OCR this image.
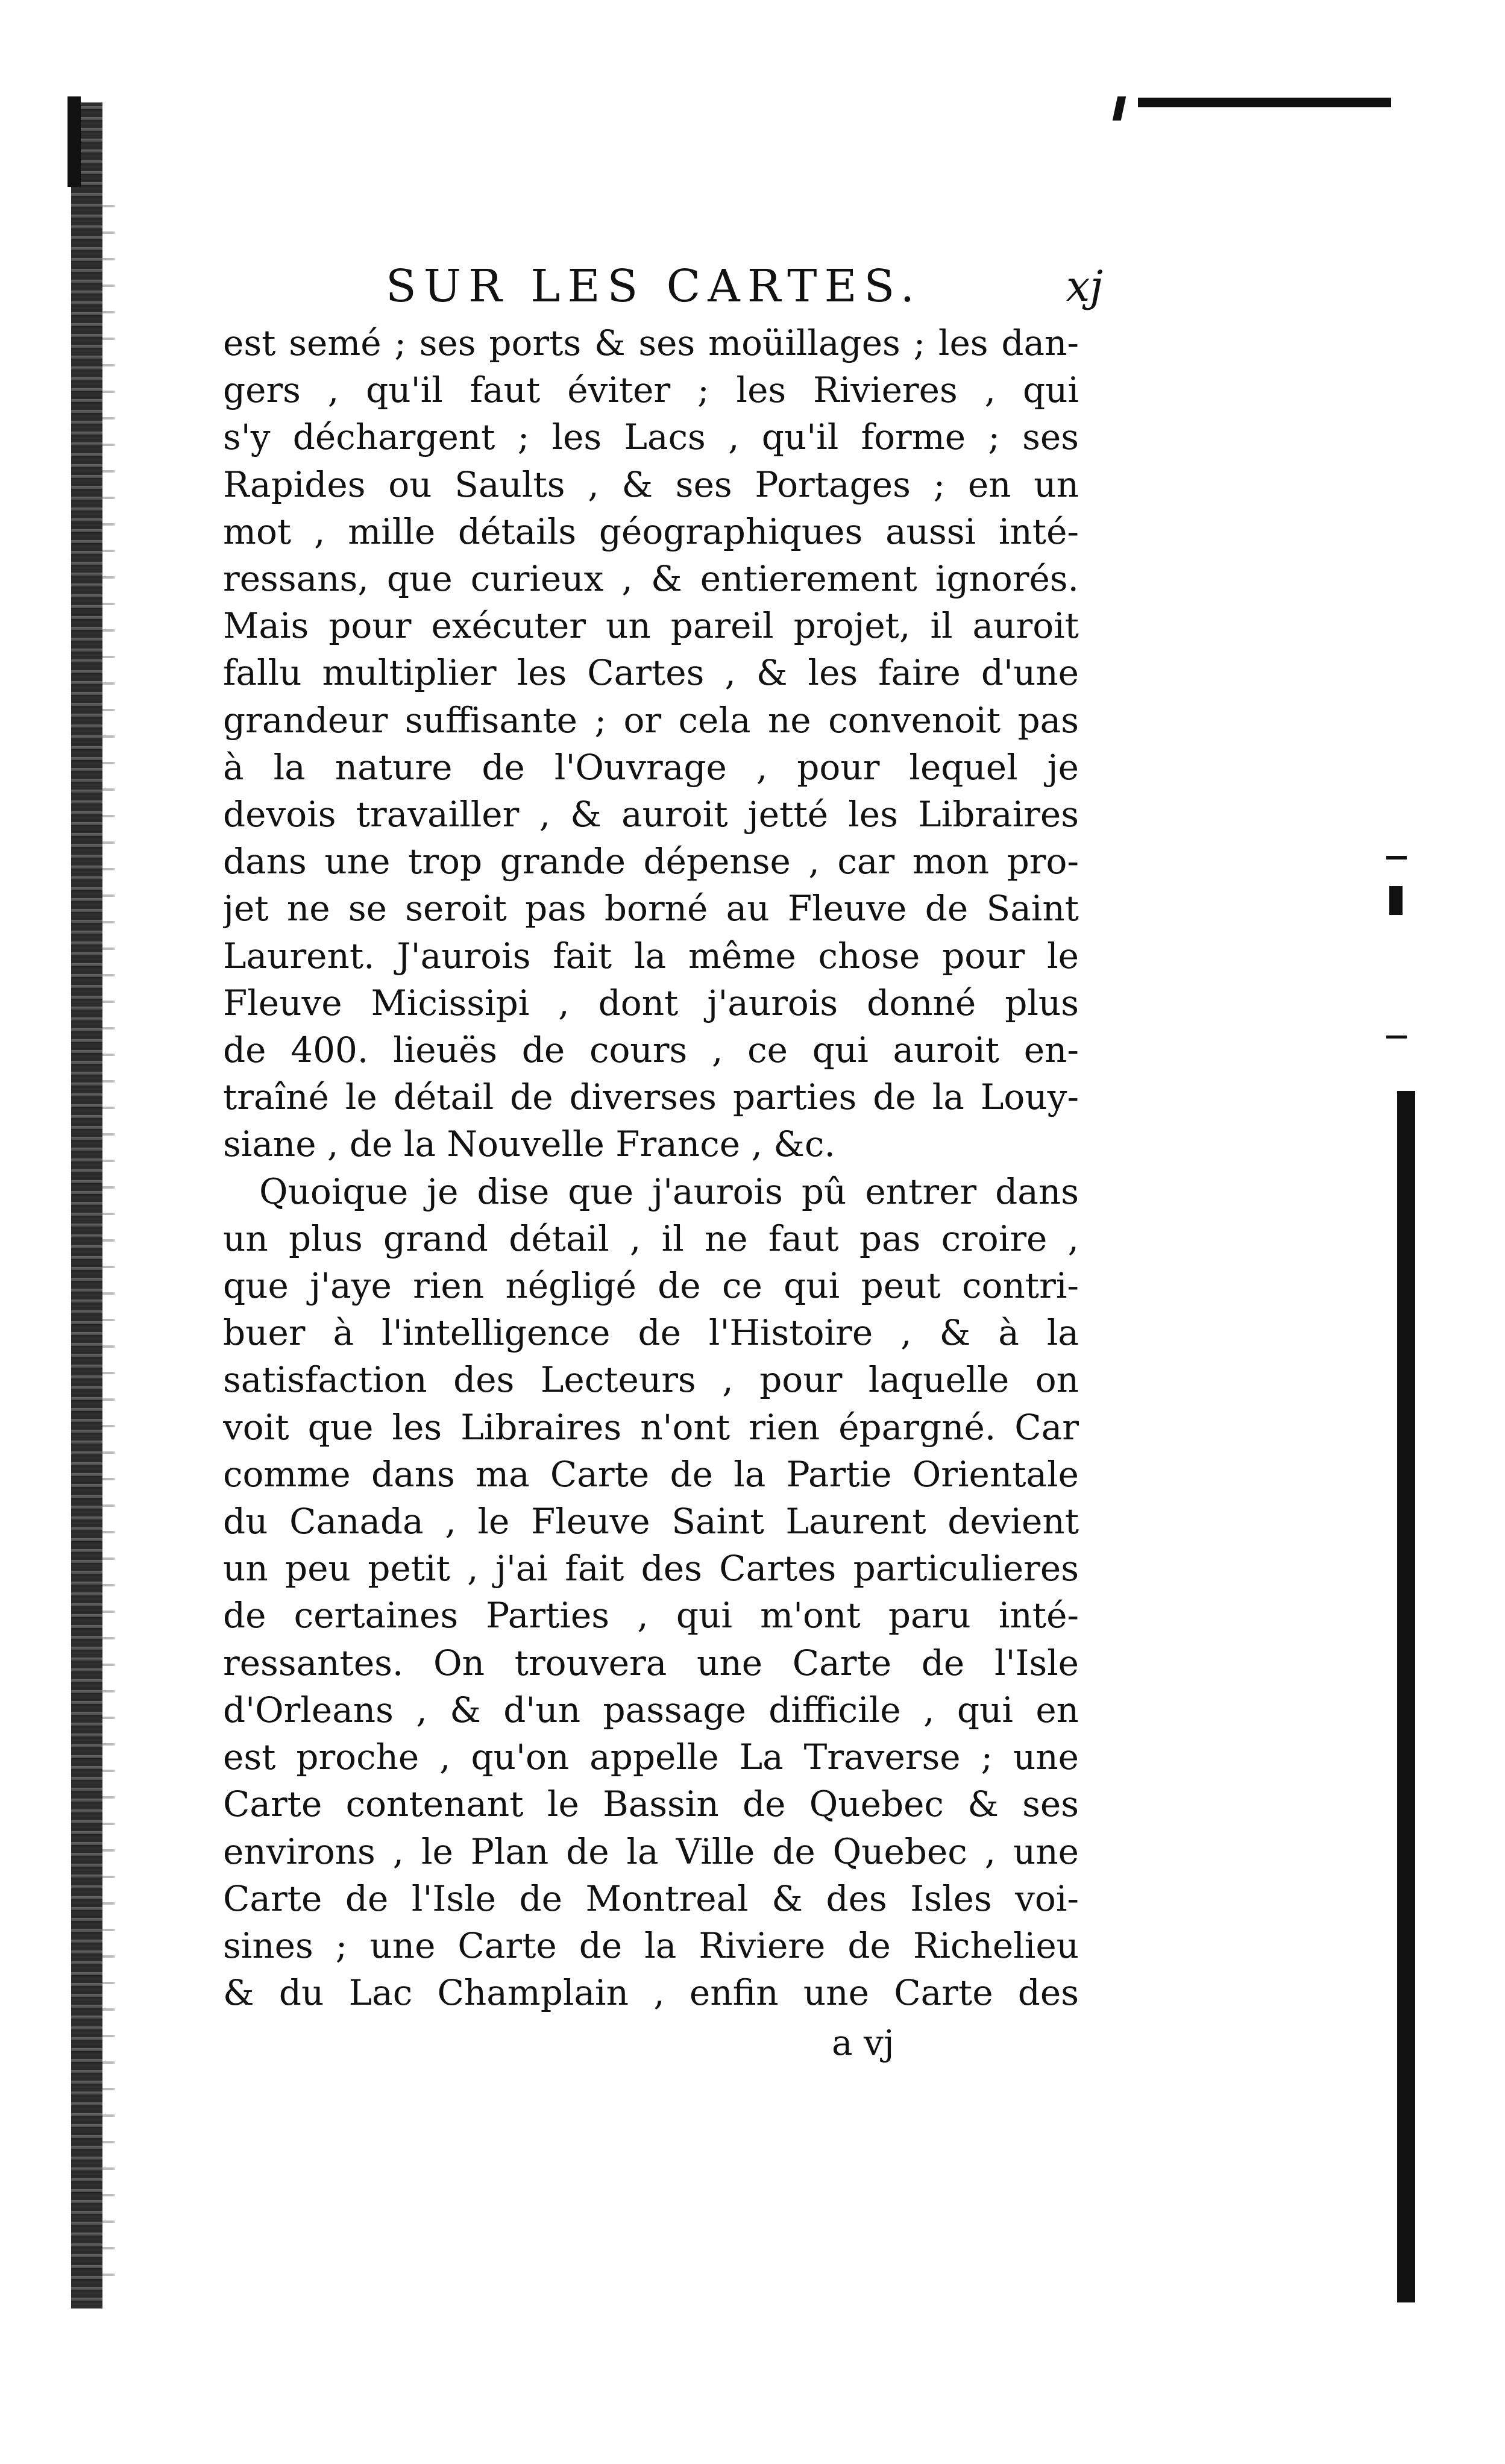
SUR LES CARTES.	xj
est semé ; ses ports & ses moüillages ; les dan-
gers , qu'il faut éviter ; les Rivieres , qui
s'y déchargent ; les Lacs , qu'il forme ; ses
Rapides ou Saults , & ses Portages ; en un
mot , mille détails géographiques aussi inté-
ressans, que curieux , & entierement ignorés.
Mais pour exécuter un pareil projet, il auroit
fallu multiplier les Cartes , & les faire d'une
grandeur suffisante ; or cela ne convenoit pas
à la nature de l'Ouvrage , pour lequel je
devois travailler , & auroit jetté les Libraires
dans une trop grande dépense , car mon pro-
jet ne se seroit pas borné au Fleuve de Saint
Laurent. J'aurois fait la même chose pour le
Fleuve Micissipi , dont j'aurois donné plus
de 400. lieuës de cours , ce qui auroit en-
traîné le détail de diverses parties de la Louy-
siane , de la Nouvelle France , &c.
Quoique je dise que j'aurois pû entrer dans
un plus grand détail , il ne faut pas croire ,
que j'aye rien négligé de ce qui peut contri-
buer à l'intelligence de l'Histoire , & à la
satisfaction des Lecteurs , pour laquelle on
voit que les Libraires n'ont rien épargné. Car
comme dans ma Carte de la Partie Orientale
du Canada , le Fleuve Saint Laurent devient
un peu petit , j'ai fait des Cartes particulieres
de certaines Parties , qui m'ont paru inté-
ressantes. On trouvera une Carte de l'Isle
d'Orleans , & d'un passage difficile , qui en
est proche , qu'on appelle La Traverse ; une
Carte contenant le Bassin de Quebec & ses
environs , le Plan de la Ville de Quebec , une
Carte de l'Isle de Montreal & des Isles voi-
sines ; une Carte de la Riviere de Richelieu
& du Lac Champlain , enfin une Carte des
a vj
